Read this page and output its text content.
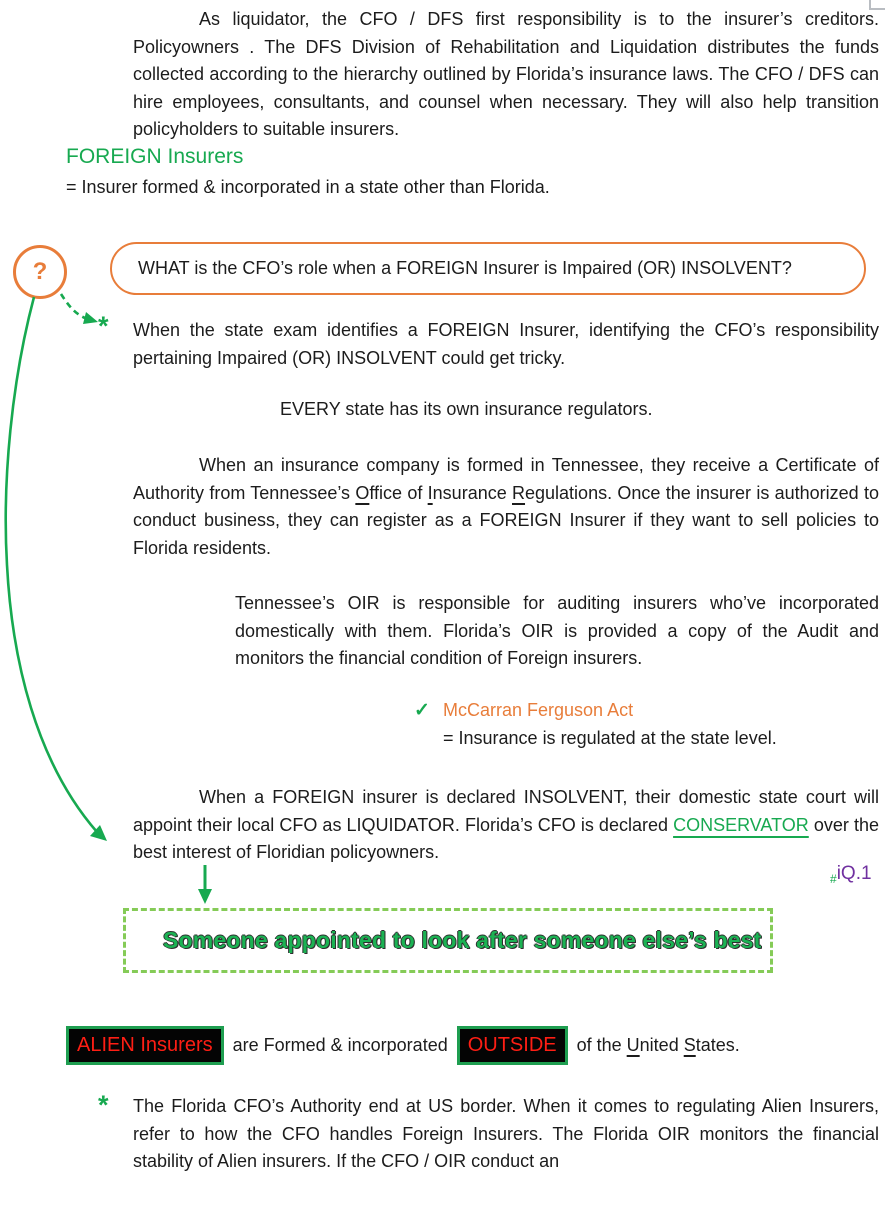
As liquidator, the CFO / DFS first responsibility is to the insurer’s creditors. Policyowners . The DFS Division of Rehabilitation and Liquidation distributes the funds collected according to the hierarchy outlined by Florida’s insurance laws. The CFO / DFS can hire employees, consultants, and counsel when necessary. They will also help transition policyholders to suitable insurers.
FOREIGN Insurers
= Insurer formed & incorporated in a state other than Florida.
?	WHAT is the CFO’s role when a FOREIGN Insurer is Impaired (OR) INSOLVENT?
* When the state exam identifies a FOREIGN Insurer, identifying the CFO’s responsibility pertaining Impaired (OR) INSOLVENT could get tricky.
EVERY state has its own insurance regulators.
When an insurance company is formed in Tennessee, they receive a Certificate of Authority from Tennessee’s Office of Insurance Regulations. Once the insurer is authorized to conduct business, they can register as a FOREIGN Insurer if they want to sell policies to Florida residents.
Tennessee’s OIR is responsible for auditing insurers who’ve incorporated domestically with them. Florida’s OIR is provided a copy of the Audit and monitors the financial condition of Foreign insurers.
✓ McCarran Ferguson Act
= Insurance is regulated at the state level.
When a FOREIGN insurer is declared INSOLVENT, their domestic state court will appoint their local CFO as LIQUIDATOR. Florida’s CFO is declared CONSERVATOR over the best interest of Floridian policyowners.
$_{\#}$iQ.1
Someone appointed to look after someone else’s best
ALIEN Insurers	are Formed & incorporated	OUTSIDE	of the United States.
* The Florida CFO’s Authority end at US border. When it comes to regulating Alien Insurers, refer to how the CFO handles Foreign Insurers. The Florida OIR monitors the financial stability of Alien insurers. If the CFO / OIR conduct an
